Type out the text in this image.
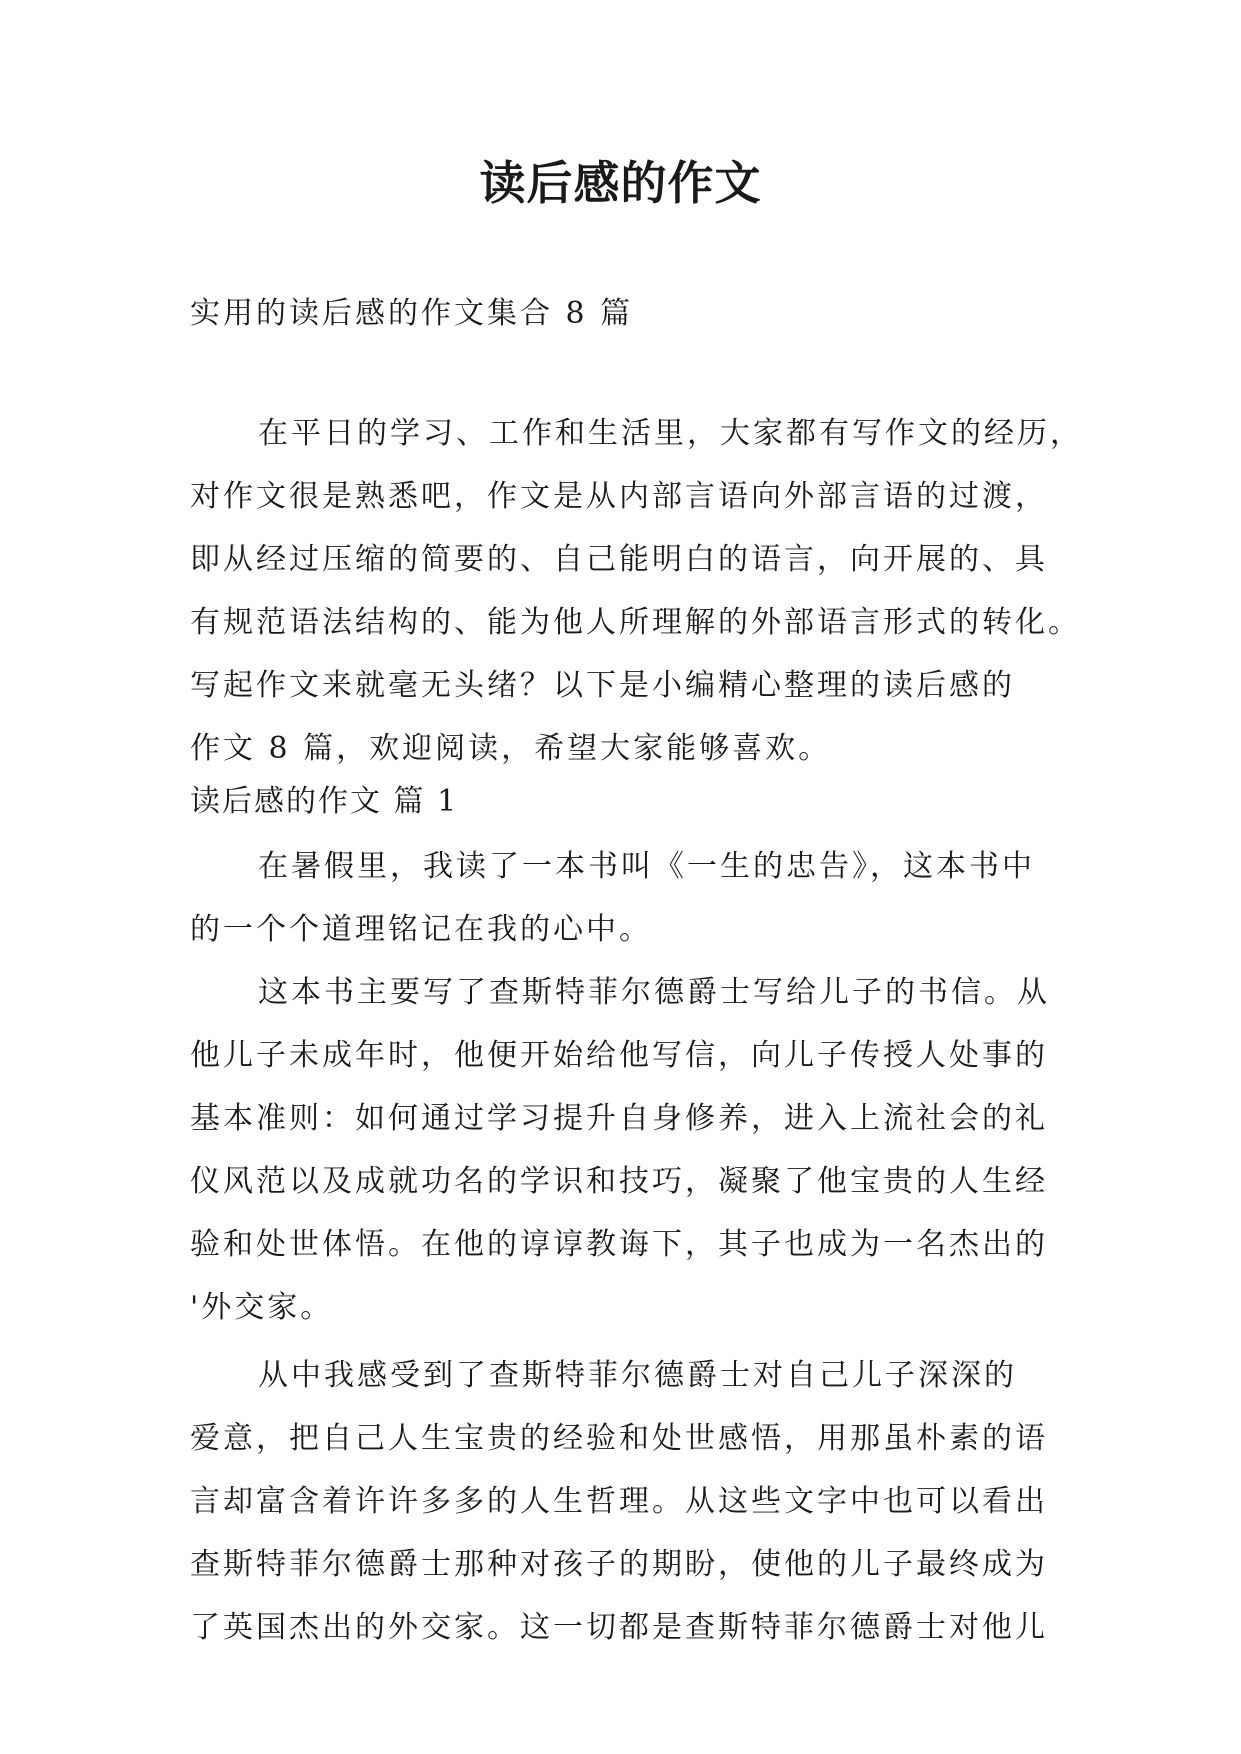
读后感的作文

实用的读后感的作文集合 8 篇

在平日的学习、工作和生活里，大家都有写作文的经历，

对作文很是熟悉吧，作文是从内部言语向外部言语的过渡，

即从经过压缩的简要的、自己能明白的语言，向开展的、具

有规范语法结构的、能为他人所理解的外部语言形式的转化。

写起作文来就毫无头绪？以下是小编精心整理的读后感的

作文 8 篇，欢迎阅读，希望大家能够喜欢。

读后感的作文 篇 1

在暑假里，我读了一本书叫《一生的忠告》，这本书中

的一个个道理铭记在我的心中。

这本书主要写了查斯特菲尔德爵士写给儿子的书信。从

他儿子未成年时，他便开始给他写信，向儿子传授人处事的

基本准则：如何通过学习提升自身修养，进入上流社会的礼

仪风范以及成就功名的学识和技巧，凝聚了他宝贵的人生经

验和处世体悟。在他的谆谆教诲下，其子也成为一名杰出的

'外交家。

从中我感受到了查斯特菲尔德爵士对自己儿子深深的

爱意，把自己人生宝贵的经验和处世感悟，用那虽朴素的语

言却富含着许许多多的人生哲理。从这些文字中也可以看出

查斯特菲尔德爵士那种对孩子的期盼，使他的儿子最终成为

了英国杰出的外交家。这一切都是查斯特菲尔德爵士对他儿
